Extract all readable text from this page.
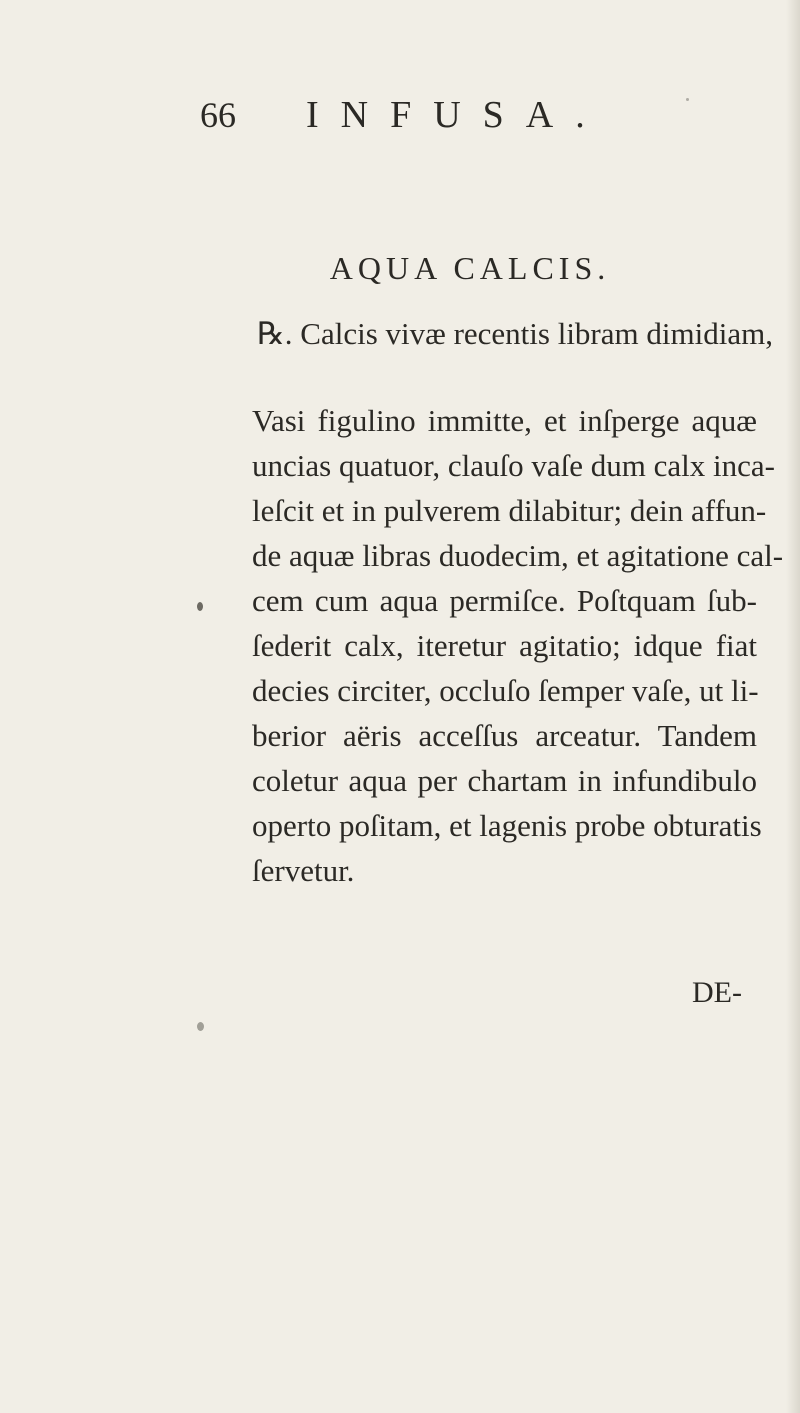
66 INFUSA.
AQUA CALCIS.
℞. Calcis vivæ recentis libram dimidiam,
Vasi figulino immitte, et inſperge aquæ
uncias quatuor, clauſo vaſe dum calx inca-
leſcit et in pulverem dilabitur; dein affun-
de aquæ libras duodecim, et agitatione cal-
cem cum aqua permiſce. Poſtquam ſub-
ſederit calx, iteretur agitatio; idque fiat
decies circiter, occluſo ſemper vaſe, ut li-
berior aëris acceſſus arceatur. Tandem
coletur aqua per chartam in infundibulo
operto poſitam, et lagenis probe obturatis
ſervetur.
DE-
